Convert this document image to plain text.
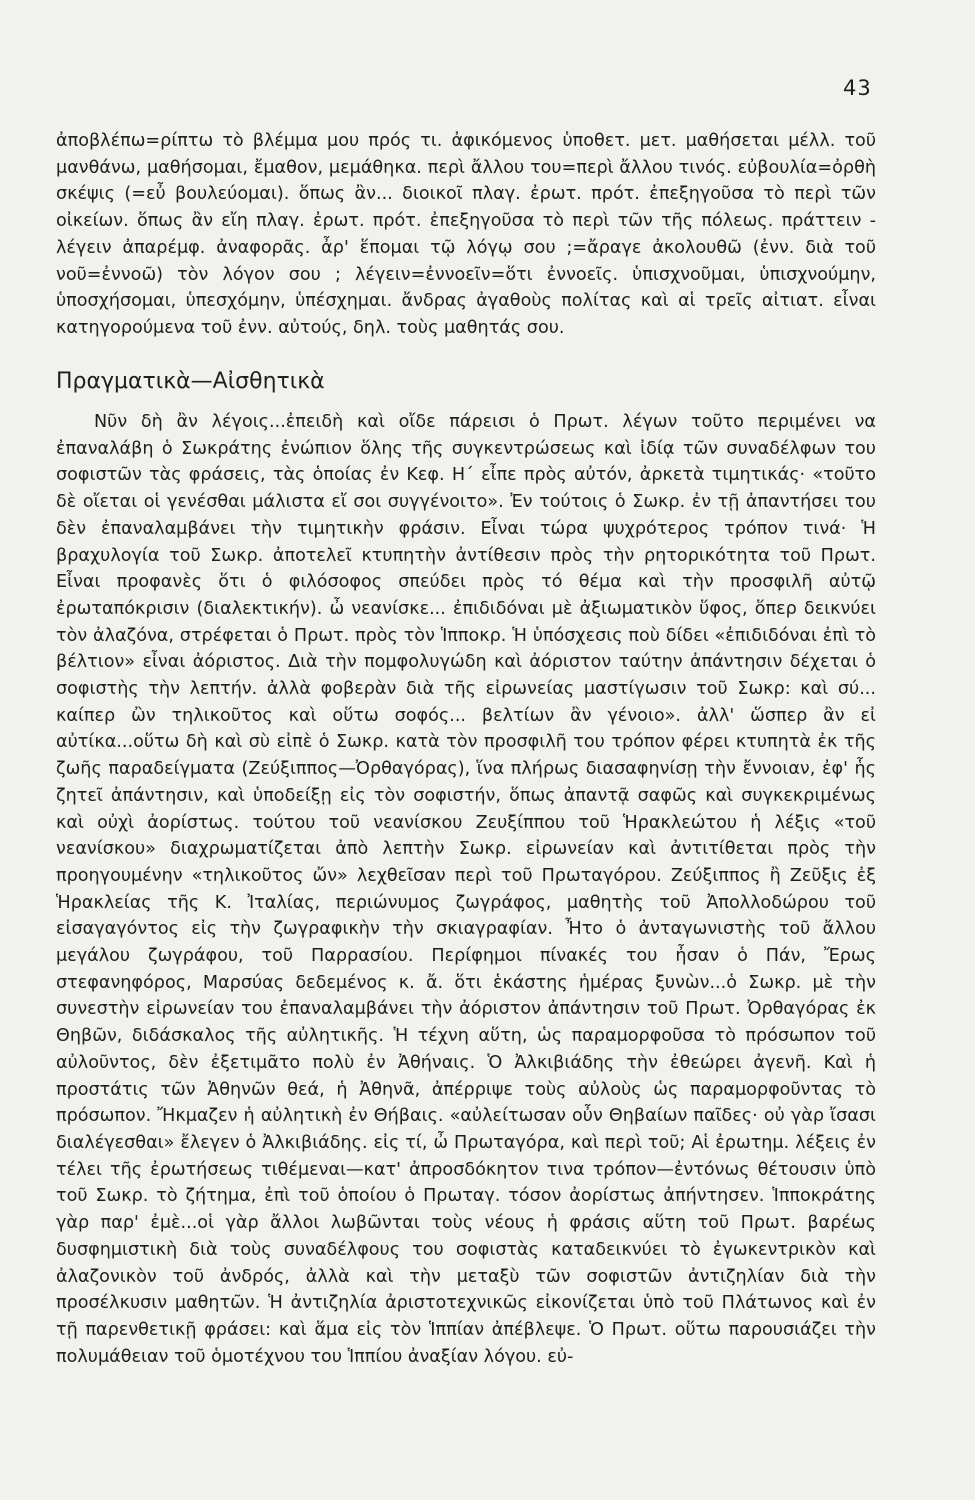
43

ἀποβλέπω=ρίπτω τὸ βλέμμα μου πρός τι. ἀφικόμενος ὑποθετ. μετ. μαθήσεται μέλλ. τοῦ μανθάνω, μαθήσομαι, ἔμαθον, μεμάθηκα. περὶ ἄλλου του=περὶ ἄλλου τινός. εὐβουλία=ὀρθὴ σκέψις (=εὖ βουλεύομαι). ὅπως ἂν... διοικοῖ πλαγ. ἐρωτ. πρότ. ἐπεξηγοῦσα τὸ περὶ τῶν οἰκείων. ὅπως ἂν εἴη πλαγ. ἐρωτ. πρότ. ἐπεξηγοῦσα τὸ περὶ τῶν τῆς πόλεως. πράττειν - λέγειν ἀπαρέμφ. ἀναφορᾶς. ἆρ' ἕπομαι τῷ λόγῳ σου ;=ἄραγε ἀκολουθῶ (ἐνν. διὰ τοῦ νοῦ=ἐννοῶ) τὸν λόγον σου ; λέγειν=ἐννοεῖν=ὅτι ἐννοεῖς. ὑπισχνοῦμαι, ὑπισχνούμην, ὑποσχήσομαι, ὑπεσχόμην, ὑπέσχημαι. ἄνδρας ἀγαθοὺς πολίτας καὶ αἱ τρεῖς αἰτιατ. εἶναι κατηγορούμενα τοῦ ἐνν. αὐτούς, δηλ. τοὺς μαθητάς σου.

Πραγματικὰ—Αἰσθητικὰ

Νῦν δὴ ἂν λέγοις...ἐπειδὴ καὶ οἴδε πάρεισι ὁ Πρωτ. λέγων τοῦτο περιμένει να ἐπαναλάβη ὁ Σωκράτης ἐνώπιον ὅλης τῆς συγκεντρώσεως καὶ ἰδίᾳ τῶν συναδέλφων του σοφιστῶν τὰς φράσεις, τὰς ὁποίας ἐν Κεφ. Η΄ εἶπε πρὸς αὐτόν, ἀρκετὰ τιμητικάς· «τοῦτο δὲ οἴεται οἱ γενέσθαι μάλιστα εἴ σοι συγγένοιτο». Ἐν τούτοις ὁ Σωκρ. ἐν τῇ ἀπαντήσει του δὲν ἐπαναλαμβάνει τὴν τιμητικὴν φράσιν. Εἶναι τώρα ψυχρότερος τρόπον τινά· Ἡ βραχυλογία τοῦ Σωκρ. ἀποτελεῖ κτυπητὴν ἀντίθεσιν πρὸς τὴν ρητορικότητα τοῦ Πρωτ. Εἶναι προφανὲς ὅτι ὁ φιλόσοφος σπεύδει πρὸς τό θέμα καὶ τὴν προσφιλῆ αὐτῷ ἐρωταπόκρισιν (διαλεκτικήν). ὦ νεανίσκε... ἐπιδιδόναι μὲ ἀξιωματικὸν ὕφος, ὅπερ δεικνύει τὸν ἀλαζόνα, στρέφεται ὁ Πρωτ. πρὸς τὸν Ἱπποκρ. Ἡ ὑπόσχεσις ποὺ δίδει «ἐπιδιδόναι ἐπὶ τὸ βέλτιον» εἶναι ἀόριστος. Διὰ τὴν πομφολυγώδη καὶ ἀόριστον ταύτην ἀπάντησιν δέχεται ὁ σοφιστὴς τὴν λεπτήν. ἀλλὰ φοβερὰν διὰ τῆς εἰρωνείας μαστίγωσιν τοῦ Σωκρ: καὶ σύ... καίπερ ὢν τηλικοῦτος καὶ οὕτω σοφός... βελτίων ἂν γένοιο». ἀλλ' ὥσπερ ἂν εἰ αὐτίκα...οὕτω δὴ καὶ σὺ εἰπὲ ὁ Σωκρ. κατὰ τὸν προσφιλῆ του τρόπον φέρει κτυπητὰ ἐκ τῆς ζωῆς παραδείγματα (Ζεύξιππος—Ὀρθαγόρας), ἵνα πλήρως διασαφηνίσῃ τὴν ἔννοιαν, ἐφ' ἧς ζητεῖ ἀπάντησιν, καὶ ὑποδείξῃ εἰς τὸν σοφιστήν, ὅπως ἀπαντᾷ σαφῶς καὶ συγκεκριμένως καὶ οὐχὶ ἀορίστως. τούτου τοῦ νεανίσκου Ζευξίππου τοῦ Ἡρακλεώτου ἡ λέξις «τοῦ νεανίσκου» διαχρωματίζεται ἀπὸ λεπτὴν Σωκρ. εἰρωνείαν καὶ ἀντιτίθεται πρὸς τὴν προηγουμένην «τηλικοῦτος ὤν» λεχθεῖσαν περὶ τοῦ Πρωταγόρου. Ζεύξιππος ἢ Ζεῦξις ἐξ Ἡρακλείας τῆς Κ. Ἰταλίας, περιώνυμος ζωγράφος, μαθητὴς τοῦ Ἀπολλοδώρου τοῦ εἰσαγαγόντος εἰς τὴν ζωγραφικὴν τὴν σκιαγραφίαν. Ἦτο ὁ ἀνταγωνιστὴς τοῦ ἄλλου μεγάλου ζωγράφου, τοῦ Παρρασίου. Περίφημοι πίνακές του ἦσαν ὁ Πάν, Ἔρως στεφανηφόρος, Μαρσύας δεδεμένος κ. ἄ. ὅτι ἑκάστης ἡμέρας ξυνὼν...ὁ Σωκρ. μὲ τὴν συνεστὴν εἰρωνείαν του ἐπαναλαμβάνει τὴν ἀόριστον ἀπάντησιν τοῦ Πρωτ. Ὀρθαγόρας ἐκ Θηβῶν, διδάσκαλος τῆς αὐλητικῆς. Ἡ τέχνη αὕτη, ὡς παραμορφοῦσα τὸ πρόσωπον τοῦ αὐλοῦντος, δὲν ἐξετιμᾶτο πολὺ ἐν Ἀθήναις. Ὁ Ἀλκιβιάδης τὴν ἐθεώρει ἀγενῆ. Καὶ ἡ προστάτις τῶν Ἀθηνῶν θεά, ἡ Ἀθηνᾶ, ἀπέρριψε τοὺς αὐλοὺς ὡς παραμορφοῦντας τὸ πρόσωπον. Ἤκμαζεν ἡ αὐλητικὴ ἐν Θήβαις. «αὐλείτωσαν οὖν Θηβαίων παῖδες· οὐ γὰρ ἴσασι διαλέγεσθαι» ἔλεγεν ὁ Ἀλκιβιάδης. εἰς τί, ὦ Πρωταγόρα, καὶ περὶ τοῦ; Αἱ ἐρωτημ. λέξεις ἐν τέλει τῆς ἐρωτήσεως τιθέμεναι—κατ' ἀπροσδόκητον τινα τρόπον—ἐντόνως θέτουσιν ὑπὸ τοῦ Σωκρ. τὸ ζήτημα, ἐπὶ τοῦ ὁποίου ὁ Πρωταγ. τόσον ἀορίστως ἀπήντησεν. Ἱπποκράτης γὰρ παρ' ἐμὲ...οἱ γὰρ ἄλλοι λωβῶνται τοὺς νέους ἡ φράσις αὕτη τοῦ Πρωτ. βαρέως δυσφημιστικὴ διὰ τοὺς συναδέλφους του σοφιστὰς καταδεικνύει τὸ ἐγωκεντρικὸν καὶ ἀλαζονικὸν τοῦ ἀνδρός, ἀλλὰ καὶ τὴν μεταξὺ τῶν σοφιστῶν ἀντιζηλίαν διὰ τὴν προσέλκυσιν μαθητῶν. Ἡ ἀντιζηλία ἀριστοτεχνικῶς εἰκονίζεται ὑπὸ τοῦ Πλάτωνος καὶ ἐν τῇ παρενθετικῇ φράσει: καὶ ἅμα εἰς τὸν Ἱππίαν ἀπέβλεψε. Ὁ Πρωτ. οὕτω παρουσιάζει τὴν πολυμάθειαν τοῦ ὁμοτέχνου του Ἱππίου ἀναξίαν λόγου. εὐ-
